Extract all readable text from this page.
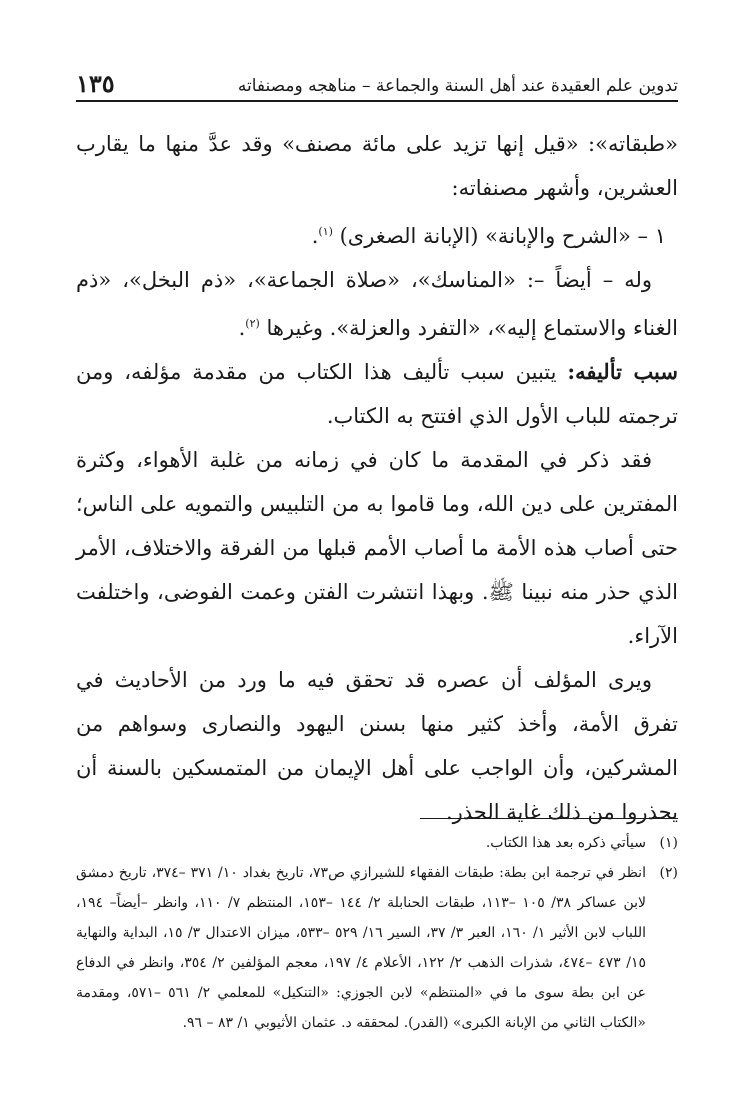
تدوين علم العقيدة عند أهل السنة والجماعة – مناهجه ومصنفاته
١٣٥

«طبقاته»: «قيل إنها تزيد على مائة مصنف» وقد عدَّ منها ما يقارب العشرين، وأشهر مصنفاته:

١ – «الشرح والإبانة» (الإبانة الصغرى) $^{(١)}$.

وله – أيضاً –: «المناسك»، «صلاة الجماعة»، «ذم البخل»، «ذم الغناء والاستماع إليه»، «التفرد والعزلة». وغيرها $^{(٢)}$.

سبب تأليفه: يتبين سبب تأليف هذا الكتاب من مقدمة مؤلفه، ومن ترجمته للباب الأول الذي افتتح به الكتاب.

فقد ذكر في المقدمة ما كان في زمانه من غلبة الأهواء، وكثرة المفترين على دين الله، وما قاموا به من التلبيس والتمويه على الناس؛ حتى أصاب هذه الأمة ما أصاب الأمم قبلها من الفرقة والاختلاف، الأمر الذي حذر منه نبينا ﷺ. وبهذا انتشرت الفتن وعمت الفوضى، واختلفت الآراء.

ويرى المؤلف أن عصره قد تحقق فيه ما ورد من الأحاديث في تفرق الأمة، وأخذ كثير منها بسنن اليهود والنصارى وسواهم من المشركين، وأن الواجب على أهل الإيمان من المتمسكين بالسنة أن يحذروا من ذلك غاية الحذر.

(١)
سيأتي ذكره بعد هذا الكتاب.
(٢)
انظر في ترجمة ابن بطة: طبقات الفقهاء للشيرازي ص٧٣، تاريخ بغداد ١٠/ ٣٧١ –٣٧٤، تاريخ دمشق لابن عساكر ٣٨/ ١٠٥ –١١٣، طبقات الحنابلة ٢/ ١٤٤ –١٥٣، المنتظم ٧/ ١١٠، وانظر –أيضاً– ١٩٤، اللباب لابن الأثير ١/ ١٦٠، العبر ٣/ ٣٧، السير ١٦/ ٥٢٩ –٥٣٣، ميزان الاعتدال ٣/ ١٥، البداية والنهاية ١٥/ ٤٧٣ –٤٧٤، شذرات الذهب ٢/ ١٢٢، الأعلام ٤/ ١٩٧، معجم المؤلفين ٢/ ٣٥٤، وانظر في الدفاع عن ابن بطة سوى ما في «المنتظم» لابن الجوزي: «التنكيل» للمعلمي ٢/ ٥٦١ –٥٧١، ومقدمة «الكتاب الثاني من الإبانة الكبرى» (القدر). لمحققه د. عثمان الأثيوبي ١/ ٨٣ – ٩٦.
